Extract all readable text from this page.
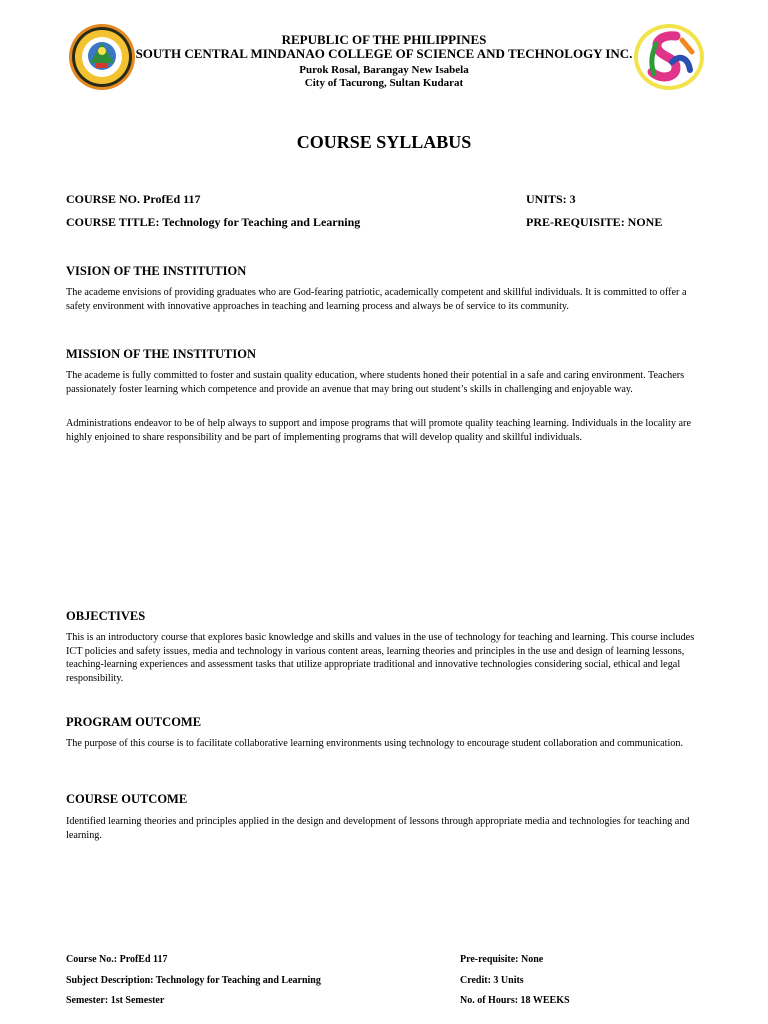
REPUBLIC OF THE PHILIPPINES
SOUTH CENTRAL MINDANAO COLLEGE OF SCIENCE AND TECHNOLOGY INC.
Purok Rosal, Barangay New Isabela
City of Tacurong, Sultan Kudarat
COURSE SYLLABUS
COURSE NO. ProfEd 117
COURSE TITLE: Technology for Teaching and Learning
UNITS: 3
PRE-REQUISITE: NONE
VISION OF THE INSTITUTION
The academe envisions of providing graduates who are God-fearing patriotic, academically competent and skillful individuals. It is committed to offer a safety environment with innovative approaches in teaching and learning process and always be of service to its community.
MISSION OF THE INSTITUTION
The academe is fully committed to foster and sustain quality education, where students honed their potential in a safe and caring environment. Teachers passionately foster learning which competence and provide an avenue that may bring out student’s skills in challenging and enjoyable way.
Administrations endeavor to be of help always to support and impose programs that will promote quality teaching learning. Individuals in the locality are highly enjoined to share responsibility and be part of implementing programs that will develop quality and skillful individuals.
OBJECTIVES
This is an introductory course that explores basic knowledge and skills and values in the use of technology for teaching and learning. This course includes ICT policies and safety issues, media and technology in various content areas, learning theories and principles in the use and design of learning lessons, teaching-learning experiences and assessment tasks that utilize appropriate traditional and innovative technologies considering social, ethical and legal responsibility.
PROGRAM OUTCOME
The purpose of this course is to facilitate collaborative learning environments using technology to encourage student collaboration and communication.
COURSE OUTCOME
Identified learning theories and principles applied in the design and development of lessons through appropriate media and technologies for teaching and learning.
Course No.: ProfEd 117
Subject Description: Technology for Teaching and Learning
Semester: 1st Semester
Pre-requisite: None
Credit: 3 Units
No. of Hours: 18 WEEKS
